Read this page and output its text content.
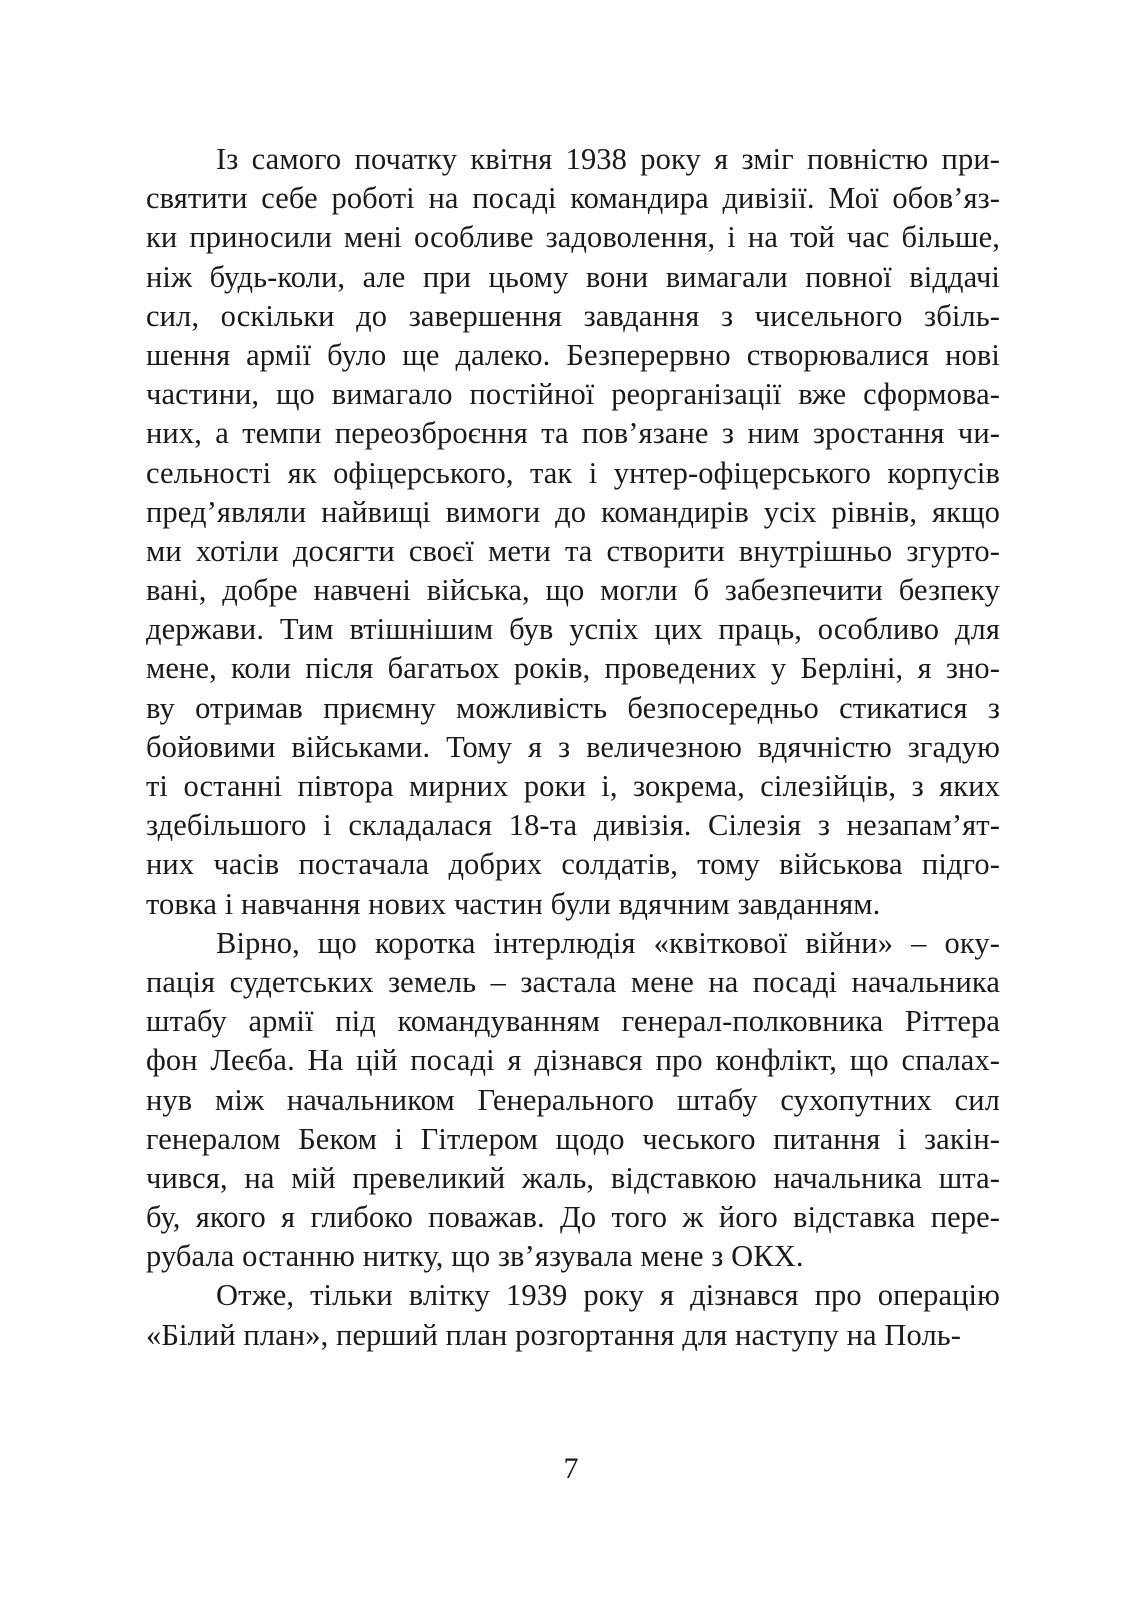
Із самого початку квітня 1938 року я зміг повністю при-
святити себе роботі на посаді командира дивізії. Мої обов’яз-
ки приносили мені особливе задоволення, і на той час більше,
ніж будь-коли, але при цьому вони вимагали повної віддачі
сил, оскільки до завершення завдання з чисельного збіль-
шення армії було ще далеко. Безперервно створювалися нові
частини, що вимагало постійної реорганізації вже сформова-
них, а темпи переозброєння та пов’язане з ним зростання чи-
сельності як офіцерського, так і унтер-офіцерського корпусів
пред’являли найвищі вимоги до командирів усіх рівнів, якщо
ми хотіли досягти своєї мети та створити внутрішньо згурто-
вані, добре навчені війська, що могли б забезпечити безпеку
держави. Тим втішнішим був успіх цих праць, особливо для
мене, коли після багатьох років, проведених у Берліні, я зно-
ву отримав приємну можливість безпосередньо стикатися з
бойовими військами. Тому я з величезною вдячністю згадую
ті останні півтора мирних роки і, зокрема, сілезійців, з яких
здебільшого і складалася 18-та дивізія. Сілезія з незапам’ят-
них часів постачала добрих солдатів, тому військова підго-
товка і навчання нових частин були вдячним завданням.

Вірно, що коротка інтерлюдія «квіткової війни» – оку-
пація судетських земель – застала мене на посаді начальника
штабу армії під командуванням генерал-полковника Ріттера
фон Леєба. На цій посаді я дізнався про конфлікт, що спалах-
нув між начальником Генерального штабу сухопутних сил
генералом Беком і Гітлером щодо чеського питання і закін-
чився, на мій превеликий жаль, відставкою начальника шта-
бу, якого я глибоко поважав. До того ж його відставка пере-
рубала останню нитку, що зв’язувала мене з ОКХ.

Отже, тільки влітку 1939 року я дізнався про операцію
«Білий план», перший план розгортання для наступу на Поль-

7
